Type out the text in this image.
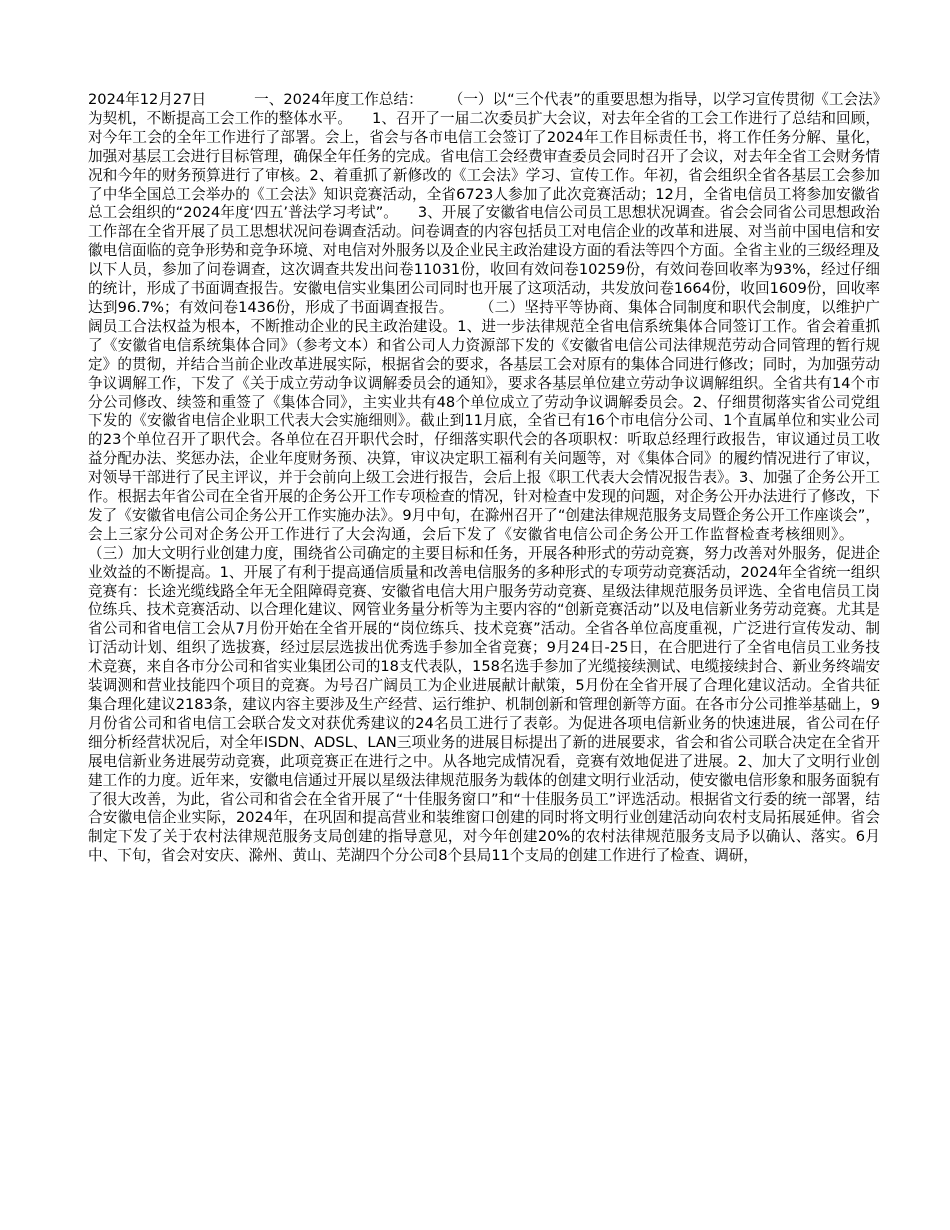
2024年12月27日	一、2024年度工作总结： （一）以“三个代表”的重要思想为指导，以学习宣传贯彻《工会法》为契机，不断提高工会工作的整体水平。 1、召开了一届二次委员扩大会议，对去年全省的工会工作进行了总结和回顾，对今年工会的全年工作进行了部署。会上，省会与各市电信工会签订了2024年工作目标责任书，将工作任务分解、量化，加强对基层工会进行目标管理，确保全年任务的完成。省电信工会经费审查委员会同时召开了会议，对去年全省工会财务情况和今年的财务预算进行了审核。2、着重抓了新修改的《工会法》学习、宣传工作。年初，省会组织全省各基层工会参加了中华全国总工会举办的《工会法》知识竞赛活动，全省6723人参加了此次竞赛活动；12月，全省电信员工将参加安徽省总工会组织的“2024年度‘四五’普法学习考试”。 3、开展了安徽省电信公司员工思想状况调查。省会会同省公司思想政治工作部在全省开展了员工思想状况问卷调查活动。问卷调查的内容包括员工对电信企业的改革和进展、对当前中国电信和安徽电信面临的竞争形势和竞争环境、对电信对外服务以及企业民主政治建设方面的看法等四个方面。全省主业的三级经理及以下人员，参加了问卷调查，这次调查共发出问卷11031份，收回有效问卷10259份，有效问卷回收率为93%，经过仔细的统计，形成了书面调查报告。安徽电信实业集团公司同时也开展了这项活动，共发放问卷1664份，收回1609份，回收率达到96.7%；有效问卷1436份，形成了书面调查报告。 （二）坚持平等协商、集体合同制度和职代会制度，以维护广阔员工合法权益为根本，不断推动企业的民主政治建设。1、进一步法律规范全省电信系统集体合同签订工作。省会着重抓了《安徽省电信系统集体合同》（参考文本）和省公司人力资源部下发的《安徽省电信公司法律规范劳动合同管理的暂行规定》的贯彻，并结合当前企业改革进展实际，根据省会的要求，各基层工会对原有的集体合同进行修改；同时，为加强劳动争议调解工作，下发了《关于成立劳动争议调解委员会的通知》，要求各基层单位建立劳动争议调解组织。全省共有14个市分公司修改、续签和重签了《集体合同》，主实业共有48个单位成立了劳动争议调解委员会。2、仔细贯彻落实省公司党组下发的《安徽省电信企业职工代表大会实施细则》。截止到11月底，全省已有16个市电信分公司、1个直属单位和实业公司的23个单位召开了职代会。各单位在召开职代会时，仔细落实职代会的各项职权：听取总经理行政报告，审议通过员工收益分配办法、奖惩办法，企业年度财务预、决算，审议决定职工福利有关问题等，对《集体合同》的履约情况进行了审议，对领导干部进行了民主评议，并于会前向上级工会进行报告，会后上报《职工代表大会情况报告表》。3、加强了企务公开工作。根据去年省公司在全省开展的企务公开工作专项检查的情况，针对检查中发现的问题，对企务公开办法进行了修改，下发了《安徽省电信公司企务公开工作实施办法》。9月中旬，在滁州召开了“创建法律规范服务支局暨企务公开工作座谈会”，会上三家分公司对企务公开工作进行了大会沟通，会后下发了《安徽省电信公司企务公开工作监督检查考核细则》。（三）加大文明行业创建力度，围绕省公司确定的主要目标和任务，开展各种形式的劳动竞赛，努力改善对外服务，促进企业效益的不断提高。1、开展了有利于提高通信质量和改善电信服务的多种形式的专项劳动竞赛活动，2024年全省统一组织竞赛有：长途光缆线路全年无全阻障碍竞赛、安徽省电信大用户服务劳动竞赛、星级法律规范服务员评选、全省电信员工岗位练兵、技术竞赛活动、以合理化建议、网管业务量分析等为主要内容的“创新竞赛活动”以及电信新业务劳动竞赛。尤其是省公司和省电信工会从7月份开始在全省开展的“岗位练兵、技术竞赛”活动。全省各单位高度重视，广泛进行宣传发动、制订活动计划、组织了选拔赛，经过层层选拔出优秀选手参加全省竞赛；9月24日-25日，在合肥进行了全省电信员工业务技术竞赛，来自各市分公司和省实业集团公司的18支代表队，158名选手参加了光缆接续测试、电缆接续封合、新业务终端安装调测和营业技能四个项目的竞赛。为号召广阔员工为企业进展献计献策，5月份在全省开展了合理化建议活动。全省共征集合理化建议2183条，建议内容主要涉及生产经营、运行维护、机制创新和管理创新等方面。在各市分公司推举基础上，9月份省公司和省电信工会联合发文对获优秀建议的24名员工进行了表彰。为促进各项电信新业务的快速进展，省公司在仔细分析经营状况后，对全年ISDN、ADSL、LAN三项业务的进展目标提出了新的进展要求，省会和省公司联合决定在全省开展电信新业务进展劳动竞赛，此项竞赛正在进行之中。从各地完成情况看，竞赛有效地促进了进展。2、加大了文明行业创建工作的力度。近年来，安徽电信通过开展以星级法律规范服务为载体的创建文明行业活动，使安徽电信形象和服务面貌有了很大改善，为此，省公司和省会在全省开展了“十佳服务窗口”和“十佳服务员工”评选活动。根据省文行委的统一部署，结合安徽电信企业实际，2024年，在巩固和提高营业和装维窗口创建的同时将文明行业创建活动向农村支局拓展延伸。省会制定下发了关于农村法律规范服务支局创建的指导意见，对今年创建20%的农村法律规范服务支局予以确认、落实。6月中、下旬，省会对安庆、滁州、黄山、芜湖四个分公司8个县局11个支局的创建工作进行了检查、调研，
